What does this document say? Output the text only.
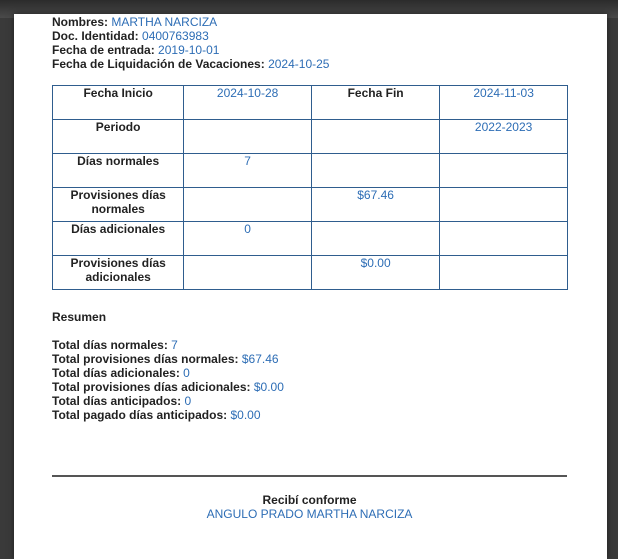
Nombres: MARTHA NARCIZA
Doc. Identidad: 0400763983
Fecha de entrada: 2019-10-01
Fecha de Liquidación de Vacaciones: 2024-10-25
Fecha Inicio	2024-10-28	Fecha Fin	2024-11-03
Periodo			2022-2023
Días normales	7		
Provisiones días normales		$67.46	
Días adicionales	0		
Provisiones días adicionales		$0.00	
Resumen
Total días normales: 7
Total provisiones días normales: $67.46
Total días adicionales: 0
Total provisiones días adicionales: $0.00
Total días anticipados: 0
Total pagado días anticipados: $0.00
Recibí conforme
ANGULO PRADO MARTHA NARCIZA
